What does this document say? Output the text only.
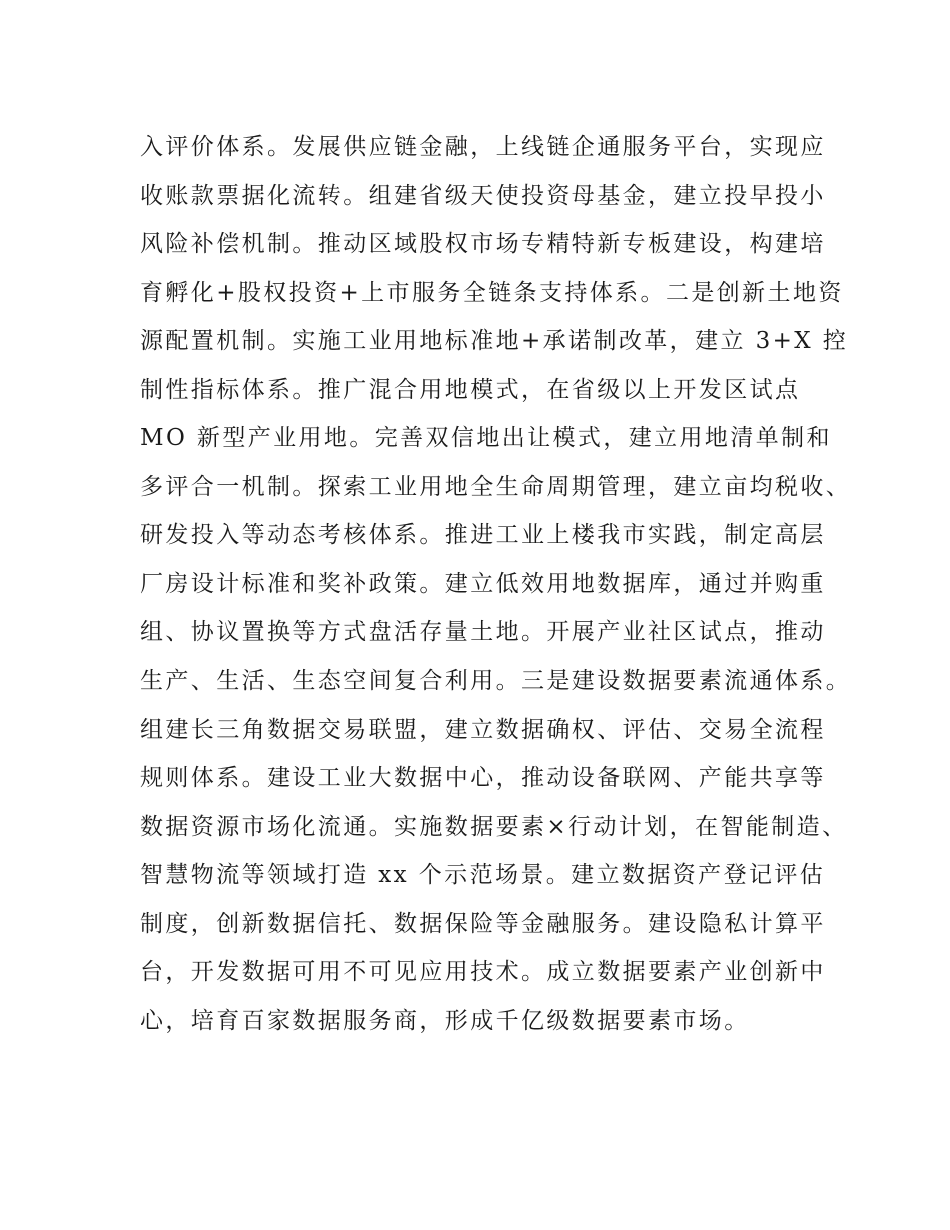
入评价体系。发展供应链金融，上线链企通服务平台，实现应
收账款票据化流转。组建省级天使投资母基金，建立投早投小
风险补偿机制。推动区域股权市场专精特新专板建设，构建培
育孵化+股权投资+上市服务全链条支持体系。二是创新土地资
源配置机制。实施工业用地标准地+承诺制改革，建立 3+X 控
制性指标体系。推广混合用地模式，在省级以上开发区试点
MO 新型产业用地。完善双信地出让模式，建立用地清单制和
多评合一机制。探索工业用地全生命周期管理，建立亩均税收、
研发投入等动态考核体系。推进工业上楼我市实践，制定高层
厂房设计标准和奖补政策。建立低效用地数据库，通过并购重
组、协议置换等方式盘活存量土地。开展产业社区试点，推动
生产、生活、生态空间复合利用。三是建设数据要素流通体系。
组建长三角数据交易联盟，建立数据确权、评估、交易全流程
规则体系。建设工业大数据中心，推动设备联网、产能共享等
数据资源市场化流通。实施数据要素×行动计划，在智能制造、
智慧物流等领域打造 xx 个示范场景。建立数据资产登记评估
制度，创新数据信托、数据保险等金融服务。建设隐私计算平
台，开发数据可用不可见应用技术。成立数据要素产业创新中
心，培育百家数据服务商，形成千亿级数据要素市场。
